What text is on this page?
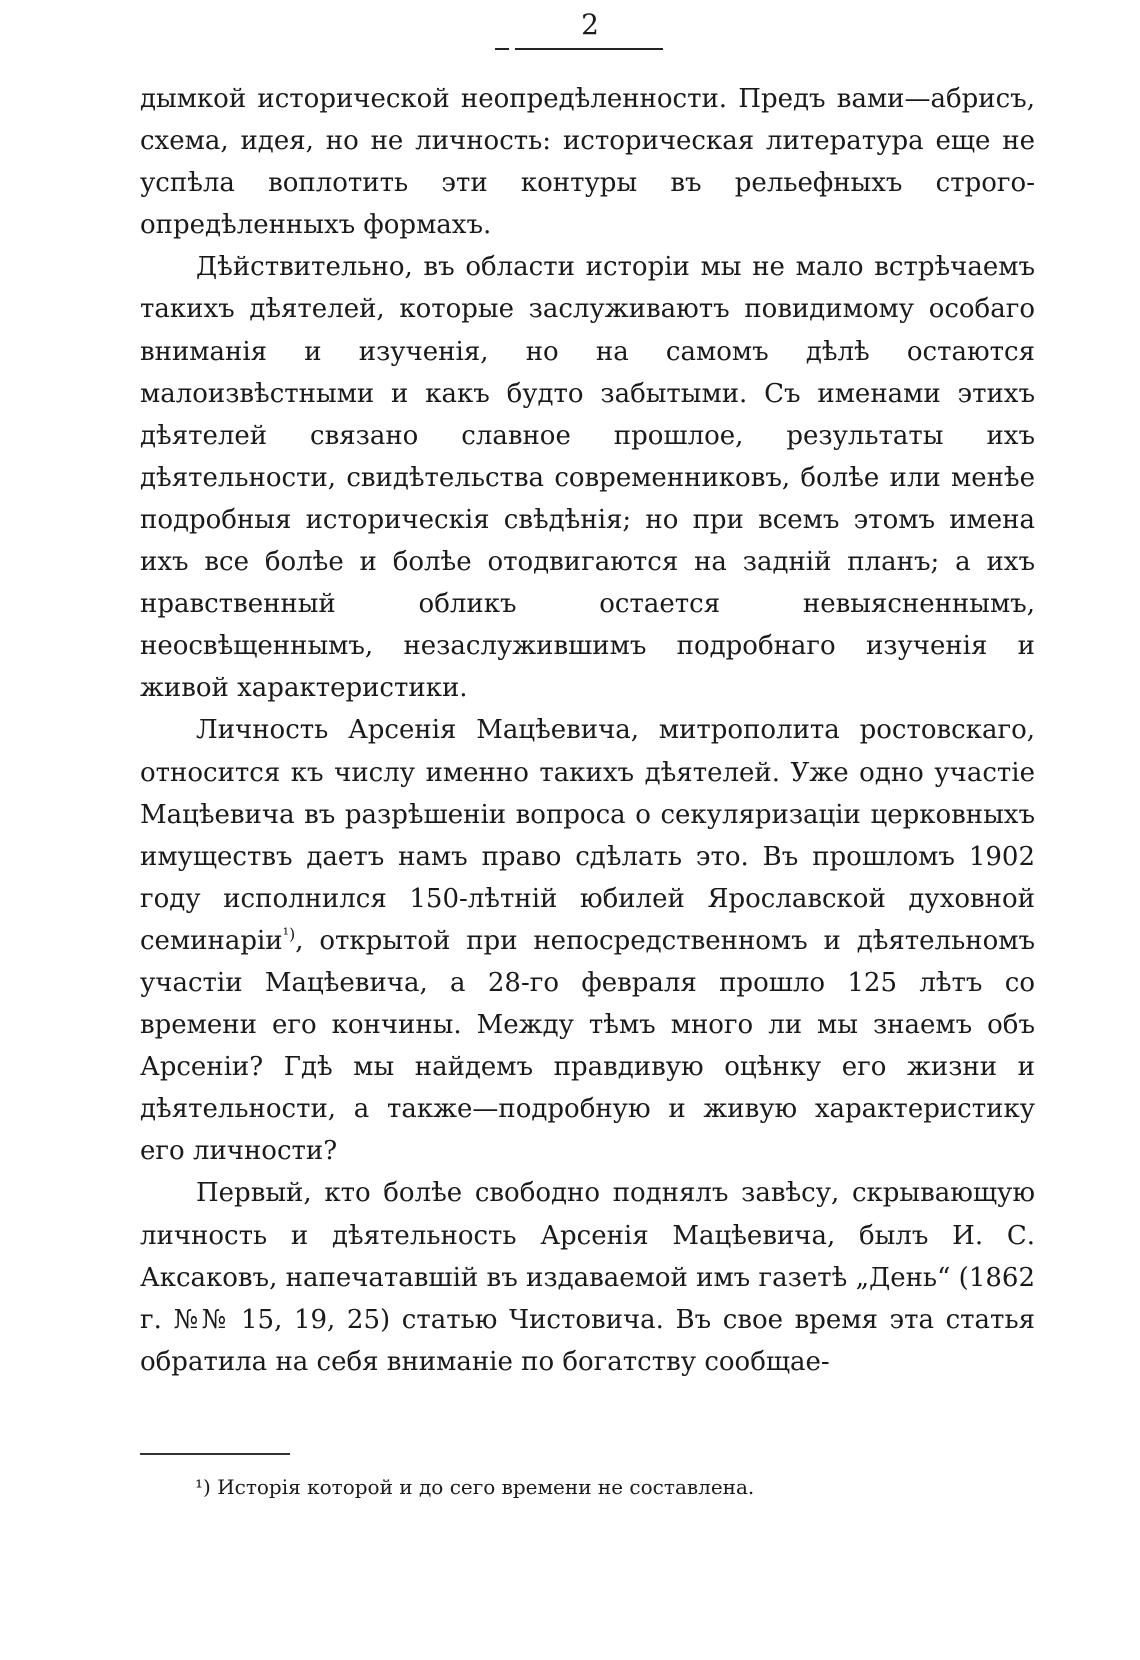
2

дымкой исторической неопредѣленности. Предъ вами—абрисъ, схема, идея, но не личность: историческая литература еще не успѣла воплотить эти контуры въ рельефныхъ строго-опредѣленныхъ формахъ.

Дѣйствительно, въ области исторіи мы не мало встрѣчаемъ такихъ дѣятелей, которые заслуживаютъ повидимому особаго вниманія и изученія, но на самомъ дѣлѣ остаются малоизвѣстными и какъ будто забытыми. Съ именами этихъ дѣятелей связано славное прошлое, результаты ихъ дѣятельности, свидѣтельства современниковъ, болѣе или менѣе подробныя историческія свѣдѣнія; но при всемъ этомъ имена ихъ все болѣе и болѣе отодвигаются на задній планъ; а ихъ нравственный обликъ остается невыясненнымъ, неосвѣщеннымъ, незаслужившимъ подробнаго изученія и живой характеристики.

Личность Арсенія Мацѣевича, митрополита ростовскаго, относится къ числу именно такихъ дѣятелей. Уже одно участіе Мацѣевича въ разрѣшеніи вопроса о секуляризаціи церковныхъ имуществъ даетъ намъ право сдѣлать это. Въ прошломъ 1902 году исполнился 150-лѣтній юбилей Ярославской духовной семинаріи$^{^1)}$, открытой при непосредственномъ и дѣятельномъ участіи Мацѣевича, а 28-го февраля прошло 125 лѣтъ со времени его кончины. Между тѣмъ много ли мы знаемъ объ Арсеніи? Гдѣ мы найдемъ правдивую оцѣнку его жизни и дѣятельности, а также—подробную и живую характеристику его личности?

Первый, кто болѣе свободно поднялъ завѣсу, скрывающую личность и дѣятельность Арсенія Мацѣевича, былъ И. С. Аксаковъ, напечатавшій въ издаваемой имъ газетѣ „День“ (1862 г. №№ 15, 19, 25) статью Чистовича. Въ свое время эта статья обратила на себя вниманіе по богатству сообщае-

¹) Исторія которой и до сего времени не составлена.
